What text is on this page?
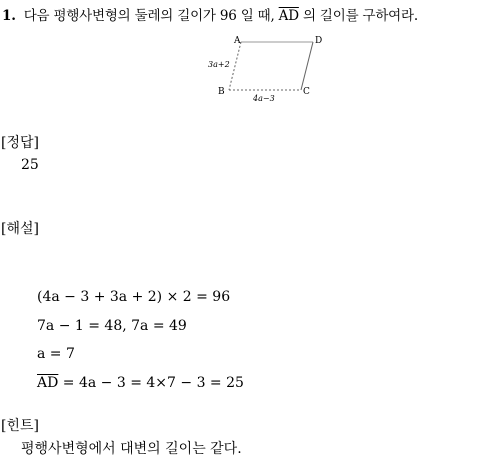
1. 다음 평행사변형의 둘레의 길이가 96 일 때, $\overline{AD}$ 의 길이를 구하여라.
A	D
B	C
3a+2
4a−3
[정답]
25
[해설]
(4a − 3 + 3a + 2) × 2 = 96
7a − 1 = 48, 7a = 49
a = 7
$\overline{AD} = 4a - 3 = 4\times 7 - 3 = 25$
[힌트]
평행사변형에서 대변의 길이는 같다.
